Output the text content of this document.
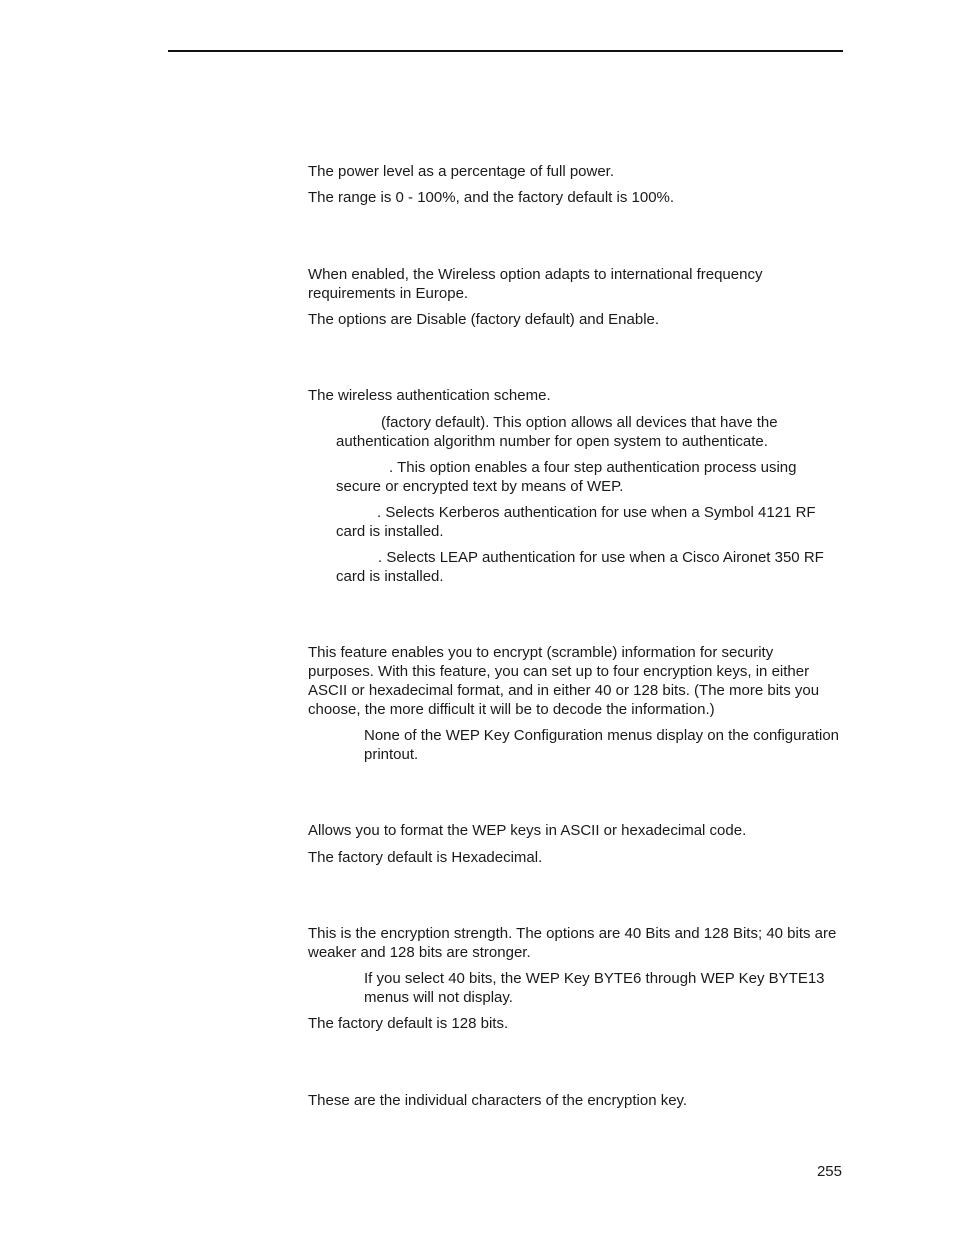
The power level as a percentage of full power.

The range is 0 - 100%, and the factory default is 100%.

When enabled, the Wireless option adapts to international frequency requirements in Europe.

The options are Disable (factory default) and Enable.

The wireless authentication scheme.

(factory default). This option allows all devices that have the authentication algorithm number for open system to authenticate.

. This option enables a four step authentication process using secure or encrypted text by means of WEP.

. Selects Kerberos authentication for use when a Symbol 4121 RF card is installed.

. Selects LEAP authentication for use when a Cisco Aironet 350 RF card is installed.

This feature enables you to encrypt (scramble) information for security purposes. With this feature, you can set up to four encryption keys, in either ASCII or hexadecimal format, and in either 40 or 128 bits. (The more bits you choose, the more difficult it will be to decode the information.)

None of the WEP Key Configuration menus display on the configuration printout.

Allows you to format the WEP keys in ASCII or hexadecimal code.

The factory default is Hexadecimal.

This is the encryption strength. The options are 40 Bits and 128 Bits; 40 bits are weaker and 128 bits are stronger.

If you select 40 bits, the WEP Key BYTE6 through WEP Key BYTE13 menus will not display.

The factory default is 128 bits.

These are the individual characters of the encryption key.

255
